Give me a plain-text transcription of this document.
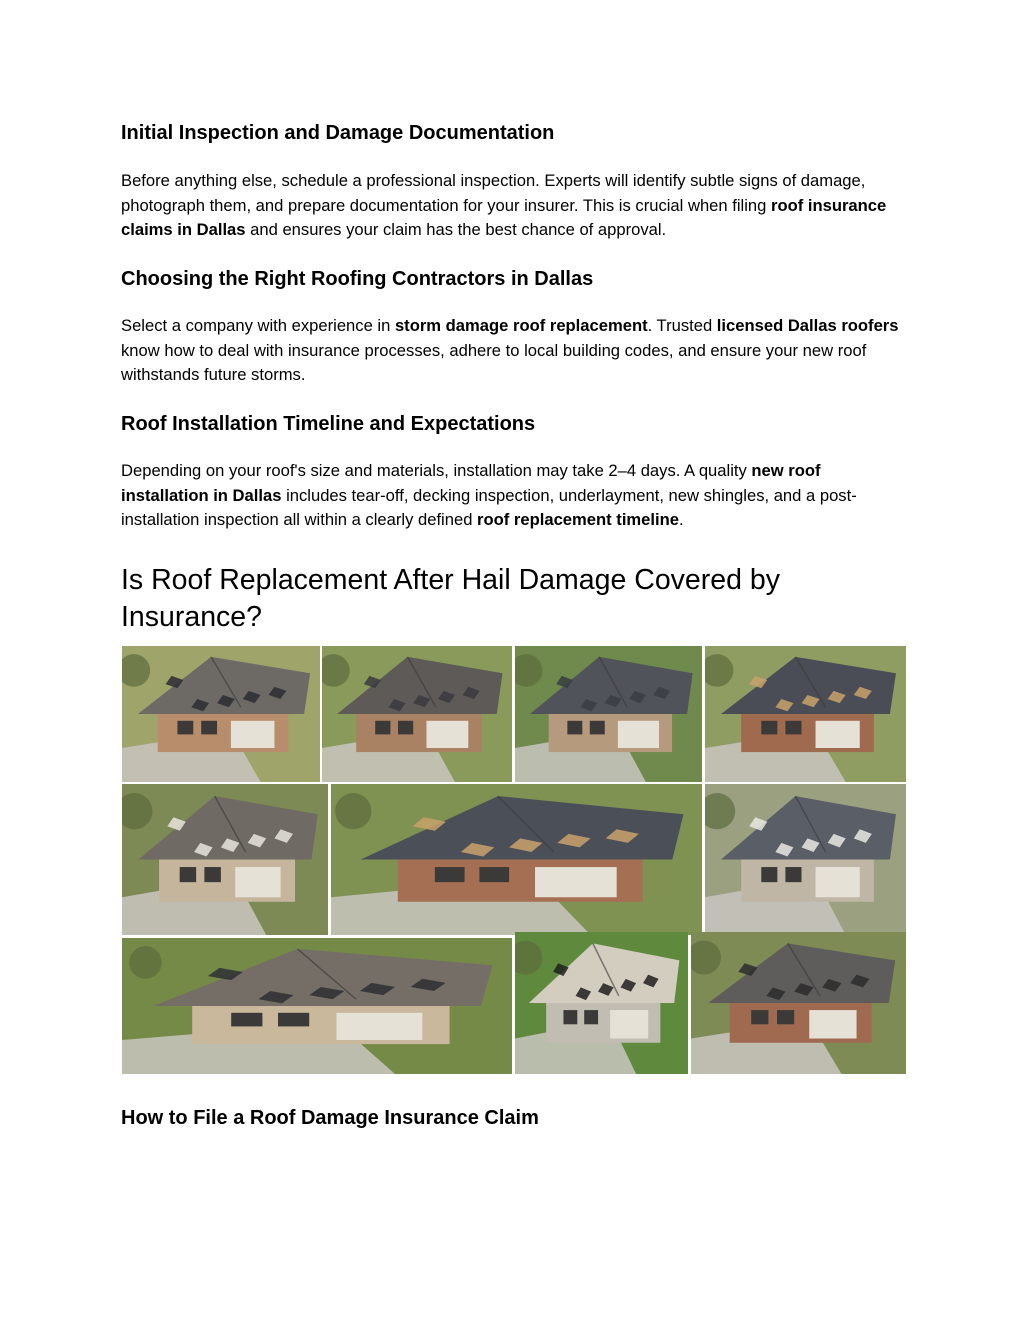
Initial Inspection and Damage Documentation

Before anything else, schedule a professional inspection. Experts will identify subtle signs of damage, photograph them, and prepare documentation for your insurer. This is crucial when filing roof insurance claims in Dallas and ensures your claim has the best chance of approval.

Choosing the Right Roofing Contractors in Dallas

Select a company with experience in storm damage roof replacement. Trusted licensed Dallas roofers know how to deal with insurance processes, adhere to local building codes, and ensure your new roof withstands future storms.

Roof Installation Timeline and Expectations

Depending on your roof's size and materials, installation may take 2–4 days. A quality new roof installation in Dallas includes tear-off, decking inspection, underlayment, new shingles, and a post-installation inspection all within a clearly defined roof replacement timeline.

Is Roof Replacement After Hail Damage Covered by Insurance?
How to File a Roof Damage Insurance Claim
